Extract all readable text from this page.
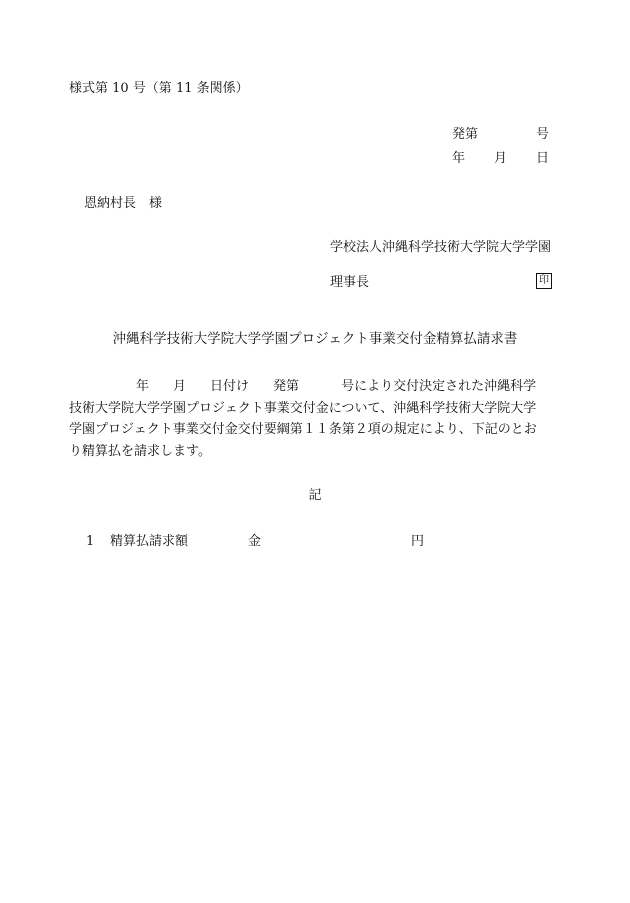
様式第 10 号（第 11 条関係）
発第	号
年 月 日
恩納村長 様
学校法人沖縄科学技術大学院大学学園
理事長	印
沖縄科学技術大学院大学学園プロジェクト事業交付金精算払請求書
年 月 日付け 発第	号により交付決定された沖縄科学
技術大学院大学学園プロジェクト事業交付金について、沖縄科学技術大学院大学
学園プロジェクト事業交付金交付要綱第１１条第２項の規定により、下記のとお
り精算払を請求します。
記
1 精算払請求額	金	円
